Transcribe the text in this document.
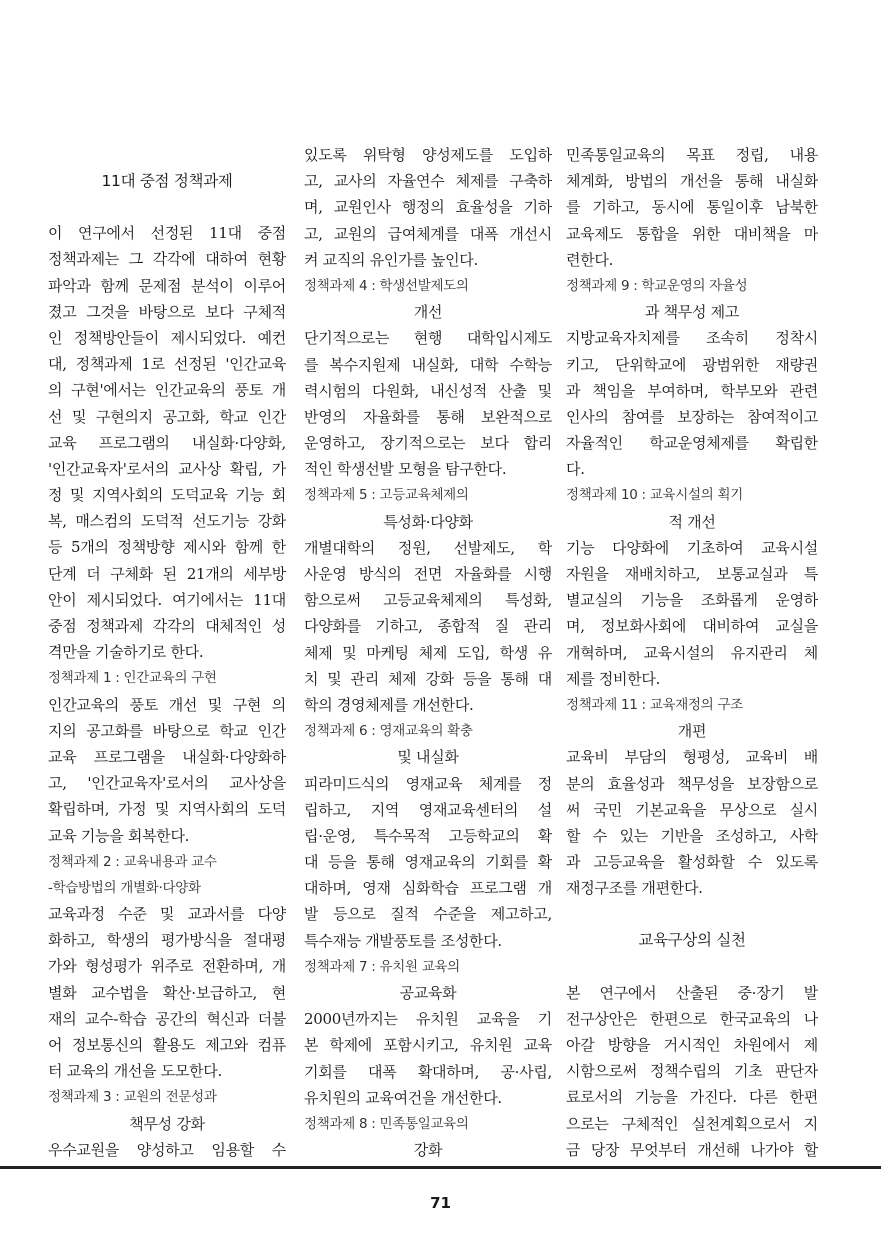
11대 중점 정책과제
이 연구에서 선정된 11대 중점
정책과제는 그 각각에 대하여 현황
파악과 함께 문제점 분석이 이루어
졌고 그것을 바탕으로 보다 구체적
인 정책방안들이 제시되었다. 예컨
대, 정책과제 1로 선정된 '인간교육
의 구현'에서는 인간교육의 풍토 개
선 및 구현의지 공고화, 학교 인간
교육 프로그램의 내실화·다양화,
'인간교육자'로서의 교사상 확립, 가
정 및 지역사회의 도덕교육 기능 회
복, 매스컴의 도덕적 선도기능 강화
등 5개의 정책방향 제시와 함께 한
단계 더 구체화 된 21개의 세부방
안이 제시되었다. 여기에서는 11대
중점 정책과제 각각의 대체적인 성
격만을 기술하기로 한다.
정책과제 1 : 인간교육의 구현
인간교육의 풍토 개선 및 구현 의
지의 공고화를 바탕으로 학교 인간
교육 프로그램을 내실화·다양화하
고, '인간교육자'로서의 교사상을
확립하며, 가정 및 지역사회의 도덕
교육 기능을 회복한다.
정책과제 2 : 교육내용과 교수
-학습방법의 개별화·다양화
교육과정 수준 및 교과서를 다양
화하고, 학생의 평가방식을 절대평
가와 형성평가 위주로 전환하며, 개
별화 교수법을 확산·보급하고, 현
재의 교수-학습 공간의 혁신과 더불
어 정보통신의 활용도 제고와 컴퓨
터 교육의 개선을 도모한다.
정책과제 3 : 교원의 전문성과
책무성 강화
우수교원을 양성하고 임용할 수
있도록 위탁형 양성제도를 도입하
고, 교사의 자율연수 체제를 구축하
며, 교원인사 행정의 효율성을 기하
고, 교원의 급여체계를 대폭 개선시
켜 교직의 유인가를 높인다.
정책과제 4 : 학생선발제도의
개선
단기적으로는 현행 대학입시제도
를 복수지원제 내실화, 대학 수학능
력시험의 다원화, 내신성적 산출 및
반영의 자율화를 통해 보완적으로
운영하고, 장기적으로는 보다 합리
적인 학생선발 모형을 탐구한다.
정책과제 5 : 고등교육체제의
특성화·다양화
개별대학의 정원, 선발제도, 학
사운영 방식의 전면 자율화를 시행
함으로써 고등교육체제의 특성화,
다양화를 기하고, 종합적 질 관리
체제 및 마케팅 체제 도입, 학생 유
치 및 관리 체제 강화 등을 통해 대
학의 경영체제를 개선한다.
정책과제 6 : 영재교육의 확충
및 내실화
피라미드식의 영재교육 체계를 정
립하고, 지역 영재교육센터의 설
립·운영, 특수목적 고등학교의 확
대 등을 통해 영재교육의 기회를 확
대하며, 영재 심화학습 프로그램 개
발 등으로 질적 수준을 제고하고,
특수재능 개발풍토를 조성한다.
정책과제 7 : 유치원 교육의
공교육화
2000년까지는 유치원 교육을 기
본 학제에 포함시키고, 유치원 교육
기회를 대폭 확대하며, 공·사립,
유치원의 교육여건을 개선한다.
정책과제 8 : 민족통일교육의
강화
민족통일교육의 목표 정립, 내용
체계화, 방법의 개선을 통해 내실화
를 기하고, 동시에 통일이후 남북한
교육제도 통합을 위한 대비책을 마
련한다.
정책과제 9 : 학교운영의 자율성
과 책무성 제고
지방교육자치제를 조속히 정착시
키고, 단위학교에 광범위한 재량권
과 책임을 부여하며, 학부모와 관련
인사의 참여를 보장하는 참여적이고
자율적인 학교운영체제를 확립한
다.
정책과제 10 : 교육시설의 획기
적 개선
기능 다양화에 기초하여 교육시설
자원을 재배치하고, 보통교실과 특
별교실의 기능을 조화롭게 운영하
며, 정보화사회에 대비하여 교실을
개혁하며, 교육시설의 유지관리 체
제를 정비한다.
정책과제 11 : 교육재정의 구조
개편
교육비 부담의 형평성, 교육비 배
분의 효율성과 책무성을 보장함으로
써 국민 기본교육을 무상으로 실시
할 수 있는 기반을 조성하고, 사학
과 고등교육을 활성화할 수 있도록
재정구조를 개편한다.
교육구상의 실천
본 연구에서 산출된 중·장기 발
전구상안은 한편으로 한국교육의 나
아갈 방향을 거시적인 차원에서 제
시함으로써 정책수립의 기초 판단자
료로서의 기능을 가진다. 다른 한편
으로는 구체적인 실천계획으로서 지
금 당장 무엇부터 개선해 나가야 할
71
